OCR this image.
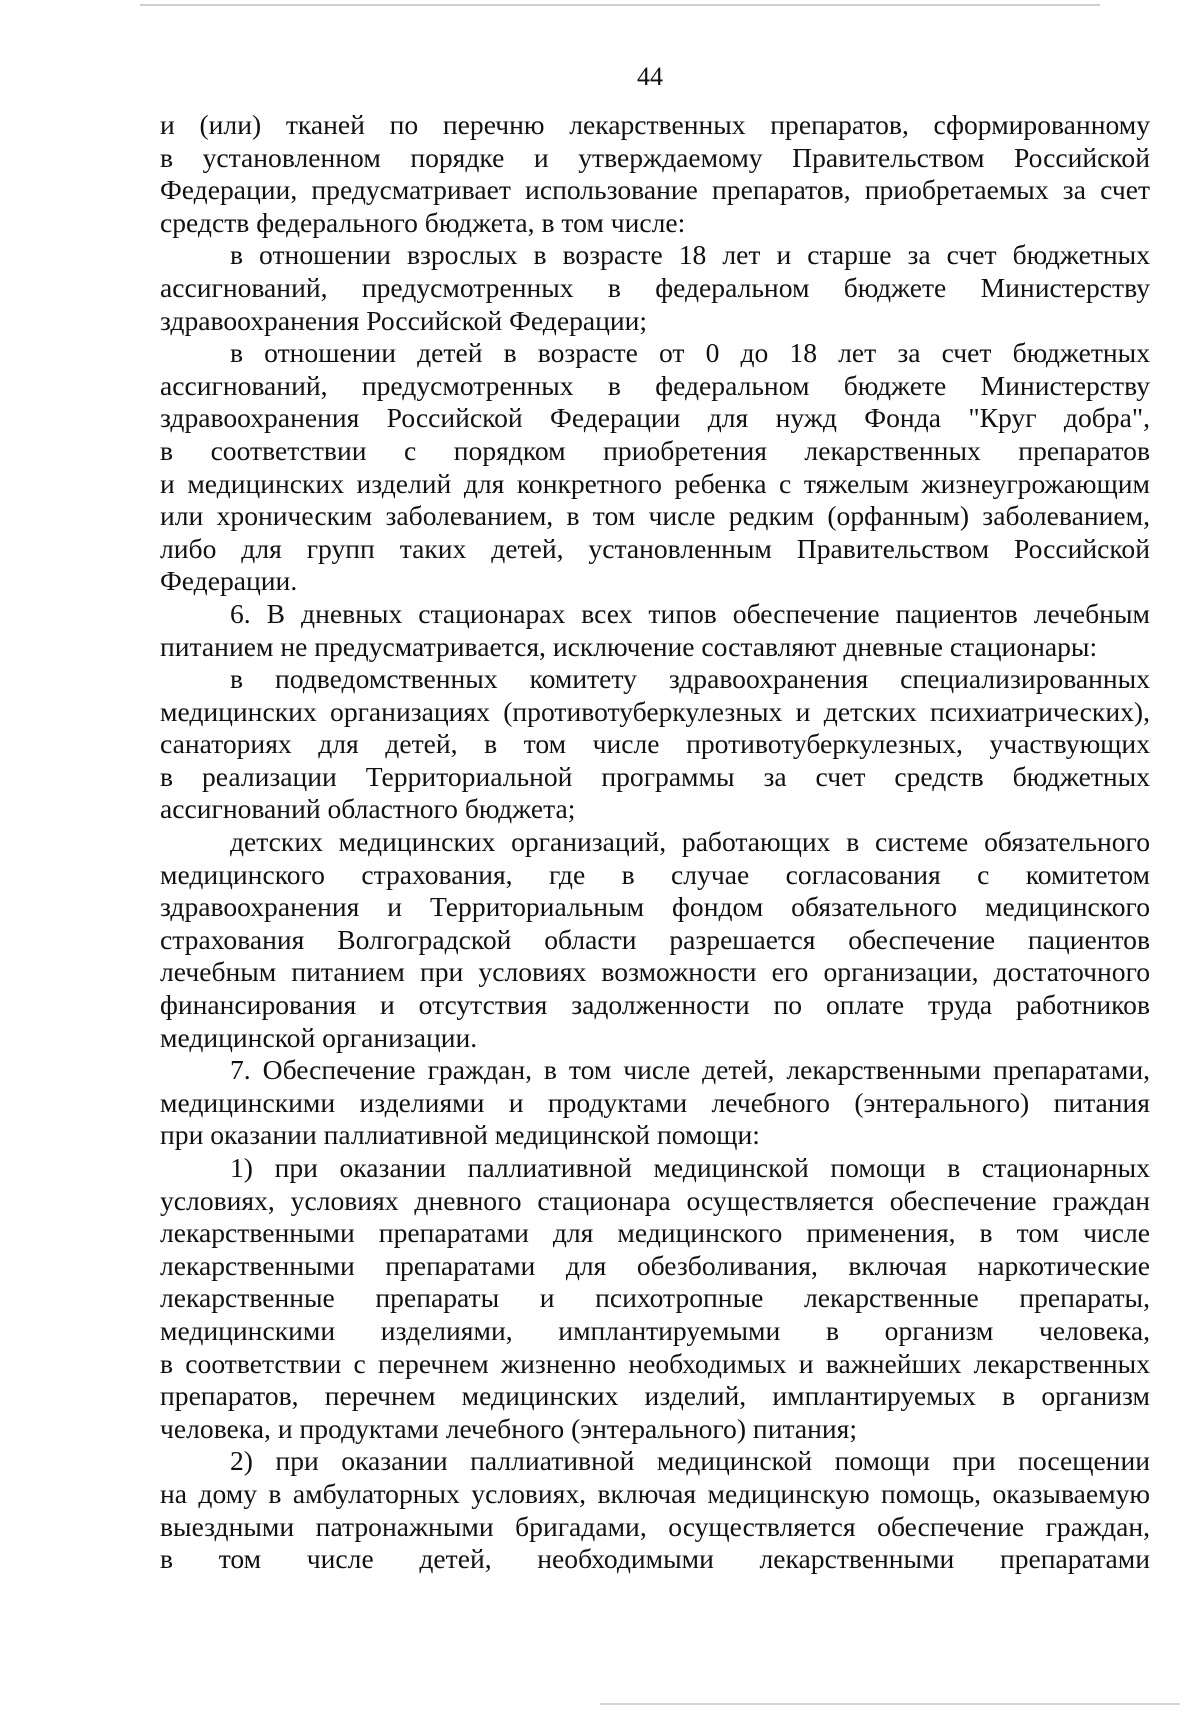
44
и (или) тканей по перечню лекарственных препаратов, сформированному
в установленном порядке и утверждаемому Правительством Российской
Федерации, предусматривает использование препаратов, приобретаемых за счет
средств федерального бюджета, в том числе:
в отношении взрослых в возрасте 18 лет и старше за счет бюджетных
ассигнований, предусмотренных в федеральном бюджете Министерству
здравоохранения Российской Федерации;
в отношении детей в возрасте от 0 до 18 лет за счет бюджетных
ассигнований, предусмотренных в федеральном бюджете Министерству
здравоохранения Российской Федерации для нужд Фонда "Круг добра",
в соответствии с порядком приобретения лекарственных препаратов
и медицинских изделий для конкретного ребенка с тяжелым жизнеугрожающим
или хроническим заболеванием, в том числе редким (орфанным) заболеванием,
либо для групп таких детей, установленным Правительством Российской
Федерации.
6. В дневных стационарах всех типов обеспечение пациентов лечебным
питанием не предусматривается, исключение составляют дневные стационары:
в подведомственных комитету здравоохранения специализированных
медицинских организациях (противотуберкулезных и детских психиатрических),
санаториях для детей, в том числе противотуберкулезных, участвующих
в реализации Территориальной программы за счет средств бюджетных
ассигнований областного бюджета;
детских медицинских организаций, работающих в системе обязательного
медицинского страхования, где в случае согласования с комитетом
здравоохранения и Территориальным фондом обязательного медицинского
страхования Волгоградской области разрешается обеспечение пациентов
лечебным питанием при условиях возможности его организации, достаточного
финансирования и отсутствия задолженности по оплате труда работников
медицинской организации.
7. Обеспечение граждан, в том числе детей, лекарственными препаратами,
медицинскими изделиями и продуктами лечебного (энтерального) питания
при оказании паллиативной медицинской помощи:
1) при оказании паллиативной медицинской помощи в стационарных
условиях, условиях дневного стационара осуществляется обеспечение граждан
лекарственными препаратами для медицинского применения, в том числе
лекарственными препаратами для обезболивания, включая наркотические
лекарственные препараты и психотропные лекарственные препараты,
медицинскими изделиями, имплантируемыми в организм человека,
в соответствии с перечнем жизненно необходимых и важнейших лекарственных
препаратов, перечнем медицинских изделий, имплантируемых в организм
человека, и продуктами лечебного (энтерального) питания;
2) при оказании паллиативной медицинской помощи при посещении
на дому в амбулаторных условиях, включая медицинскую помощь, оказываемую
выездными патронажными бригадами, осуществляется обеспечение граждан,
в том числе детей, необходимыми лекарственными препаратами
